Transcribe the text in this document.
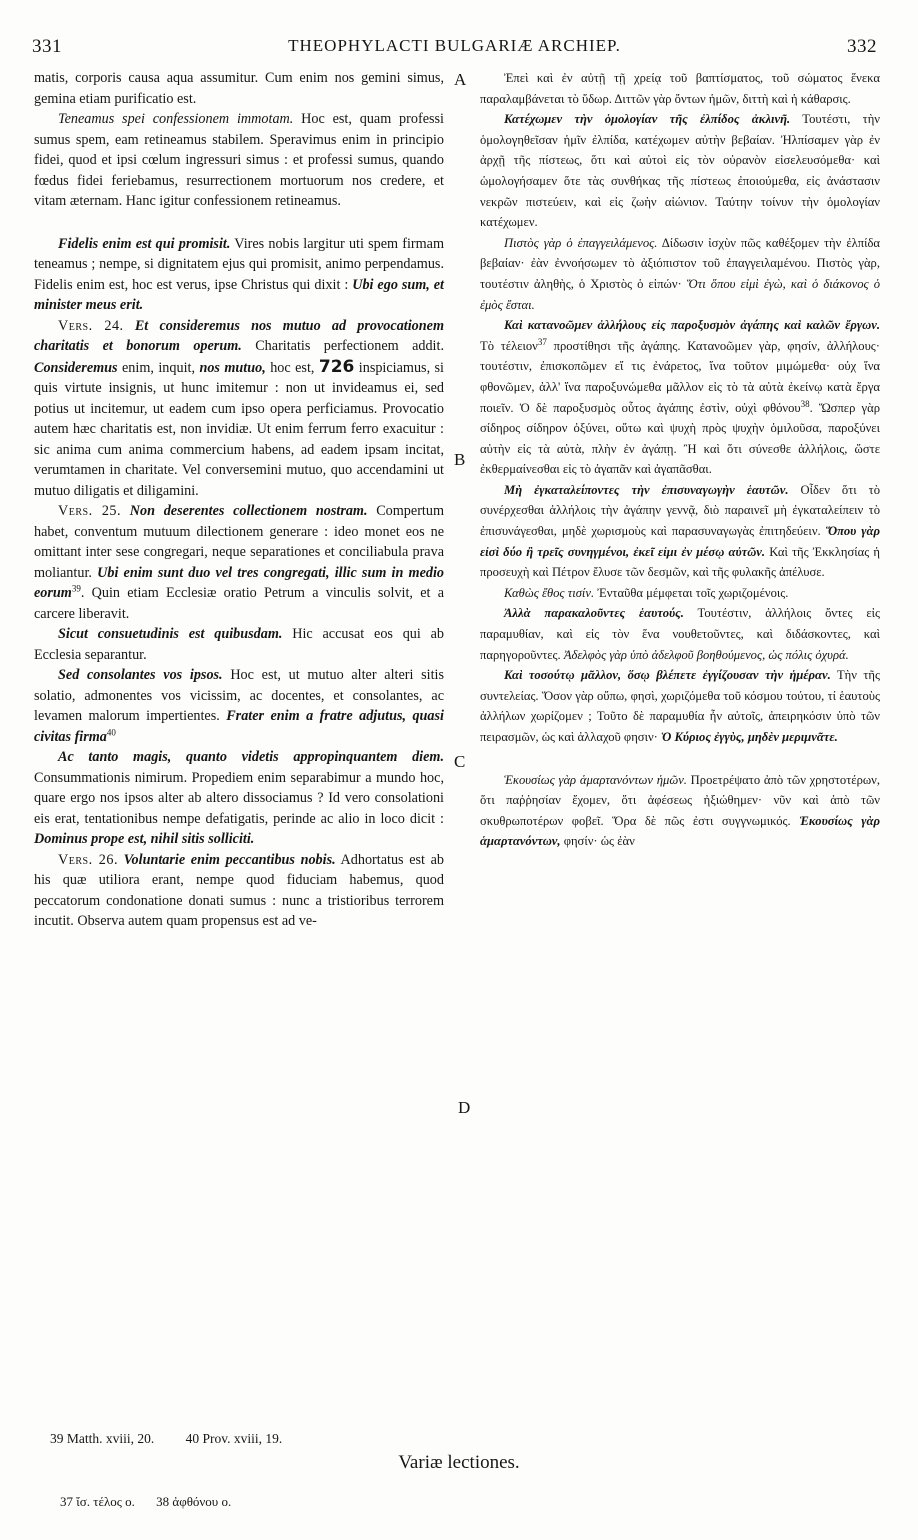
331	THEOPHYLACTI BULGARIÆ ARCHIEP.	332

matis, corporis causa aqua assumitur. Cum enim nos gemini simus, gemina etiam purificatio est.

Teneamus spei confessionem immotam. Hoc est, quam professi sumus spem, eam retineamus stabilem. Speravimus enim in principio fidei, quod et ipsi cœlum ingressuri simus : et professi sumus, quando fœdus fidei feriebamus, resurrectionem mortuorum nos credere, et vitam æternam. Hanc igitur confessionem retineamus.

Fidelis enim est qui promisit. Vires nobis largitur uti spem firmam teneamus ; nempe, si dignitatem ejus qui promisit, animo perpendamus. Fidelis enim est, hoc est verus, ipse Christus qui dixit : Ubi ego sum, et minister meus erit.

Vers. 24. Et consideremus nos mutuo ad provocationem charitatis et bonorum operum. Charitatis perfectionem addit. Consideremus enim, inquit, nos mutuo, hoc est, 726 inspiciamus, si quis virtute insignis, ut hunc imitemur : non ut invideamus ei, sed potius ut incitemur, ut eadem cum ipso opera perficiamus. Provocatio autem hæc charitatis est, non invidiæ. Ut enim ferrum ferro exacuitur : sic anima cum anima commercium habens, ad eadem ipsam incitat, verumtamen in charitate. Vel conversemini mutuo, quo accendamini ut mutuo diligatis et diligamini.

Vers. 25. Non deserentes collectionem nostram. Compertum habet, conventum mutuum dilectionem generare : ideo monet eos ne omittant inter sese congregari, neque separationes et conciliabula prava moliantur. Ubi enim sunt duo vel tres congregati, illic sum in medio eorum$^{39}$. Quin etiam Ecclesiæ oratio Petrum a vinculis solvit, et a carcere liberavit.

Sicut consuetudinis est quibusdam. Hic accusat eos qui ab Ecclesia separantur.

Sed consolantes vos ipsos. Hoc est, ut mutuo alter alteri sitis solatio, admonentes vos vicissim, ac docentes, et consolantes, ac levamen malorum impertientes. Frater enim a fratre adjutus, quasi civitas firma$^{40}$

Ac tanto magis, quanto videtis appropinquantem diem. Consummationis nimirum. Propediem enim separabimur a mundo hoc, quare ergo nos ipsos alter ab altero dissociamus ? Id vero consolationi eis erat, tentationibus nempe defatigatis, perinde ac alio in loco dicit : Dominus prope est, nihil sitis solliciti.

Vers. 26. Voluntarie enim peccantibus nobis. Adhortatus est ab his quæ utiliora erant, nempe quod fiduciam habemus, quod peccatorum condonatione donati sumus : nunc a tristioribus terrorem incutit. Observa autem quam propensus est ad ve-

A
B
C
D

Ἐπεὶ καὶ ἐν αὐτῇ τῇ χρείᾳ τοῦ βαπτίσματος, τοῦ σώματος ἕνεκα παραλαμβάνεται τὸ ὕδωρ. Διττῶν γὰρ ὄντων ἡμῶν, διττὴ καὶ ἡ κάθαρσις.

Κατέχωμεν τὴν ὁμολογίαν τῆς ἐλπίδος ἀκλινῆ. Τουτέστι, τὴν ὁμολογηθεῖσαν ἡμῖν ἐλπίδα, κατέχωμεν αὐτὴν βεβαίαν. Ἠλπίσαμεν γὰρ ἐν ἀρχῇ τῆς πίστεως, ὅτι καὶ αὐτοὶ εἰς τὸν οὐρανὸν εἰσελευσόμεθα· καὶ ὡμολογήσαμεν ὅτε τὰς συνθήκας τῆς πίστεως ἐποιούμεθα, εἰς ἀνάστασιν νεκρῶν πιστεύειν, καὶ εἰς ζωὴν αἰώνιον. Ταύτην τοίνυν τὴν ὁμολογίαν κατέχωμεν.

Πιστὸς γὰρ ὁ ἐπαγγειλάμενος. Δίδωσιν ἰσχὺν πῶς καθέξομεν τὴν ἐλπίδα βεβαίαν· ἐὰν ἐννοήσωμεν τὸ ἀξιόπιστον τοῦ ἐπαγγειλαμένου. Πιστὸς γὰρ, τουτέστιν ἀληθὴς, ὁ Χριστὸς ὁ εἰπών· Ὅτι ὅπου εἰμὶ ἐγὼ, καὶ ὁ διάκονος ὁ ἐμὸς ἔσται.

Καὶ κατανοῶμεν ἀλλήλους εἰς παροξυσμὸν ἀγάπης καὶ καλῶν ἔργων. Τὸ τέλειον$^{37}$ προστίθησι τῆς ἀγάπης. Κατανοῶμεν γὰρ, φησίν, ἀλλήλους· τουτέστιν, ἐπισκοπῶμεν εἴ τις ἐνάρετος, ἵνα τοῦτον μιμώμεθα· οὐχ ἵνα φθονῶμεν, ἀλλ' ἵνα παροξυνώμεθα μᾶλλον εἰς τὸ τὰ αὐτὰ ἐκείνῳ κατὰ ἔργα ποιεῖν. Ὁ δὲ παροξυσμὸς οὗτος ἀγάπης ἐστὶν, οὐχὶ φθόνου$^{38}$. Ὥσπερ γὰρ σίδηρος σίδηρον ὀξύνει, οὕτω καὶ ψυχὴ πρὸς ψυχὴν ὁμιλοῦσα, παροξύνει αὐτὴν εἰς τὰ αὐτὰ, πλὴν ἐν ἀγάπῃ. Ἢ καὶ ὅτι σύνεσθε ἀλλήλοις, ὥστε ἐκθερμαίνεσθαι εἰς τὸ ἀγαπᾶν καὶ ἀγαπᾶσθαι.

Μὴ ἐγκαταλείποντες τὴν ἐπισυναγωγὴν ἑαυτῶν. Οἶδεν ὅτι τὸ συνέρχεσθαι ἀλλήλοις τὴν ἀγάπην γεννᾷ, διὸ παραινεῖ μὴ ἐγκαταλείπειν τὸ ἐπισυνάγεσθαι, μηδὲ χωρισμοὺς καὶ παρασυναγωγὰς ἐπιτηδεύειν. Ὅπου γὰρ εἰσὶ δύο ἢ τρεῖς συνηγμένοι, ἐκεῖ εἰμι ἐν μέσῳ αὐτῶν. Καὶ τῆς Ἐκκλησίας ἡ προσευχὴ καὶ Πέτρον ἔλυσε τῶν δεσμῶν, καὶ τῆς φυλακῆς ἀπέλυσε.

Καθὼς ἔθος τισίν. Ἐνταῦθα μέμφεται τοῖς χωριζομένοις.

Ἀλλὰ παρακαλοῦντες ἑαυτούς. Τουτέστιν, ἀλλήλοις ὄντες εἰς παραμυθίαν, καὶ εἰς τὸν ἕνα νουθετοῦντες, καὶ διδάσκοντες, καὶ παρηγοροῦντες. Ἀδελφὸς γὰρ ὑπὸ ἀδελφοῦ βοηθούμενος, ὡς πόλις ὀχυρά.

Καὶ τοσούτῳ μᾶλλον, ὅσῳ βλέπετε ἐγγίζουσαν τὴν ἡμέραν. Τὴν τῆς συντελείας. Ὅσον γὰρ οὔπω, φησὶ, χωριζόμεθα τοῦ κόσμου τούτου, τί ἑαυτοὺς ἀλλήλων χωρίζομεν ; Τοῦτο δὲ παραμυθία ἦν αὐτοῖς, ἀπειρηκόσιν ὑπὸ τῶν πειρασμῶν, ὡς καὶ ἀλλαχοῦ φησιν· Ὁ Κύριος ἐγγὺς, μηδὲν μεριμνᾶτε.

Ἑκουσίως γὰρ ἁμαρτανόντων ἡμῶν. Προετρέψατο ἀπὸ τῶν χρηστοτέρων, ὅτι παῤῥησίαν ἔχομεν, ὅτι ἀφέσεως ἠξιώθημεν· νῦν καὶ ἀπὸ τῶν σκυθρωποτέρων φοβεῖ. Ὅρα δὲ πῶς ἐστι συγγνωμικός. Ἑκουσίως γὰρ ἁμαρτανόντων, φησίν· ὡς ἐὰν

39 Matth. xviii, 20. 40 Prov. xviii, 19.
Variæ lectiones.
37 ἴσ. τέλος ο. 38 ἀφθόνου ο.
